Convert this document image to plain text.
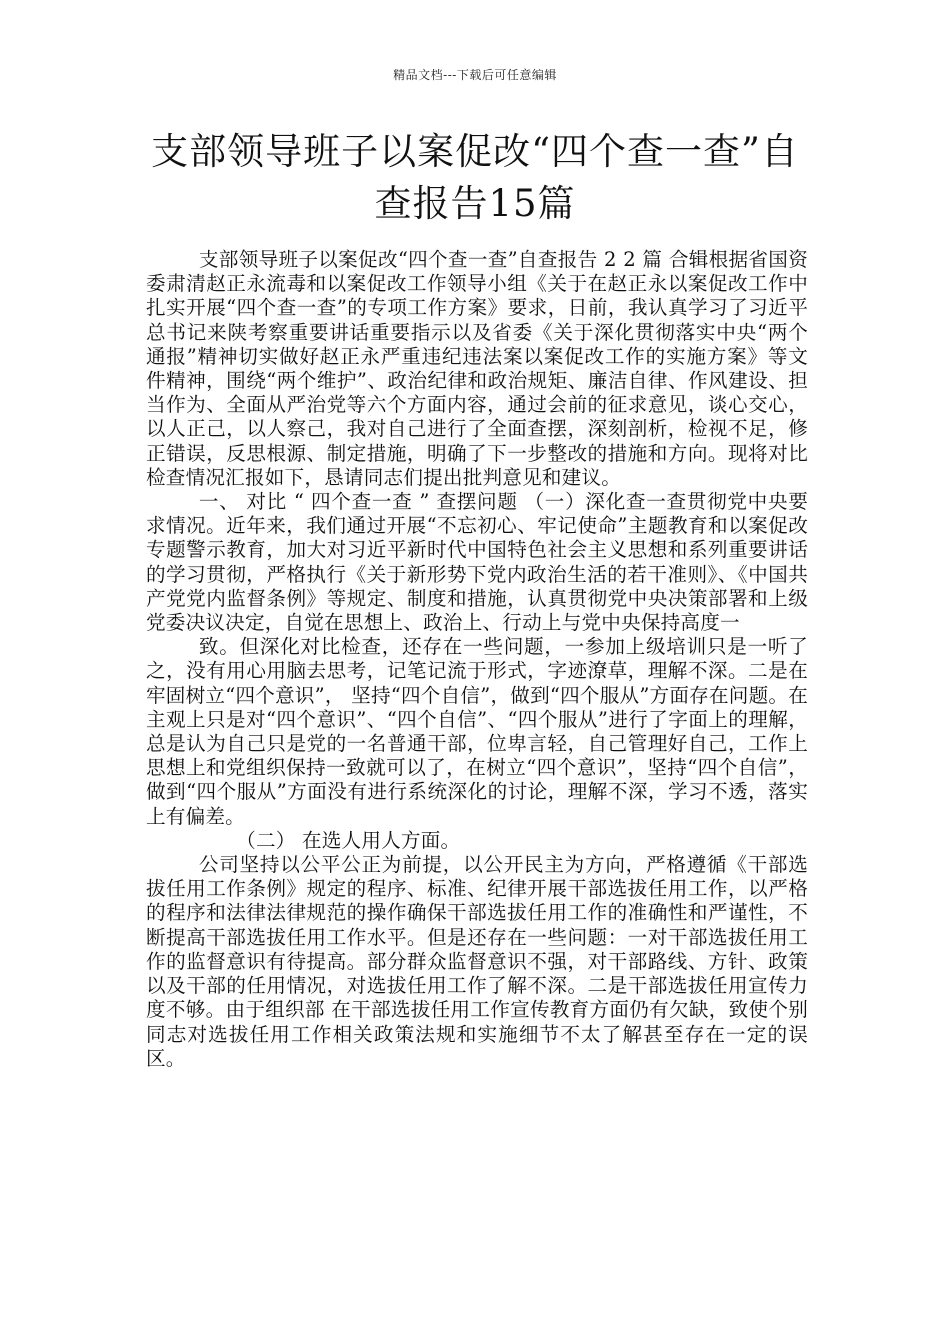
精品文档---下载后可任意编辑
支部领导班子以案促改“四个查一查”自查报告15篇

支部领导班子以案促改“四个查一查”自查报告 2 2 篇 合辑根据省国资委肃清赵正永流毒和以案促改工作领导小组《关于在赵正永以案促改工作中扎实开展“四个查一查”的专项工作方案》要求，日前，我认真学习了习近平总书记来陕考察重要讲话重要指示以及省委《关于深化贯彻落实中央“两个通报”精神切实做好赵正永严重违纪违法案以案促改工作的实施方案》等文件精神，围绕“两个维护”、政治纪律和政治规矩、廉洁自律、作风建设、担当作为、全面从严治党等六个方面内容，通过会前的征求意见，谈心交心，以人正己，以人察己，我对自己进行了全面查摆，深刻剖析，检视不足，修正错误，反思根源、制定措施，明确了下一步整改的措施和方向。现将对比检查情况汇报如下，恳请同志们提出批判意见和建议。

一、 对比 “ 四个查一查 ” 查摆问题 （一）深化查一查贯彻党中央要求情况。近年来，我们通过开展“不忘初心、牢记使命”主题教育和以案促改专题警示教育，加大对习近平新时代中国特色社会主义思想和系列重要讲话的学习贯彻，严格执行《关于新形势下党内政治生活的若干准则》、《中国共产党党内监督条例》等规定、制度和措施，认真贯彻党中央决策部署和上级党委决议决定，自觉在思想上、政治上、行动上与党中央保持高度一

致。但深化对比检查，还存在一些问题，一参加上级培训只是一听了之，没有用心用脑去思考，记笔记流于形式，字迹潦草，理解不深。二是在牢固树立“四个意识”， 坚持“四个自信”，做到“四个服从”方面存在问题。在主观上只是对“四个意识”、“四个自信”、“四个服从”进行了字面上的理解，总是认为自己只是党的一名普通干部，位卑言轻，自己管理好自己，工作上思想上和党组织保持一致就可以了，在树立“四个意识”，坚持“四个自信”，做到“四个服从”方面没有进行系统深化的讨论，理解不深，学习不透，落实上有偏差。

（二） 在选人用人方面。

公司坚持以公平公正为前提，以公开民主为方向，严格遵循《干部选拔任用工作条例》规定的程序、标准、纪律开展干部选拔任用工作，以严格的程序和法律法律规范的操作确保干部选拔任用工作的准确性和严谨性，不断提高干部选拔任用工作水平。但是还存在一些问题：一对干部选拔任用工作的监督意识有待提高。部分群众监督意识不强，对干部路线、方针、政策以及干部的任用情况，对选拔任用工作了解不深。二是干部选拔任用宣传力度不够。由于组织部 在干部选拔任用工作宣传教育方面仍有欠缺，致使个别同志对选拔任用工作相关政策法规和实施细节不太了解甚至存在一定的误区。
